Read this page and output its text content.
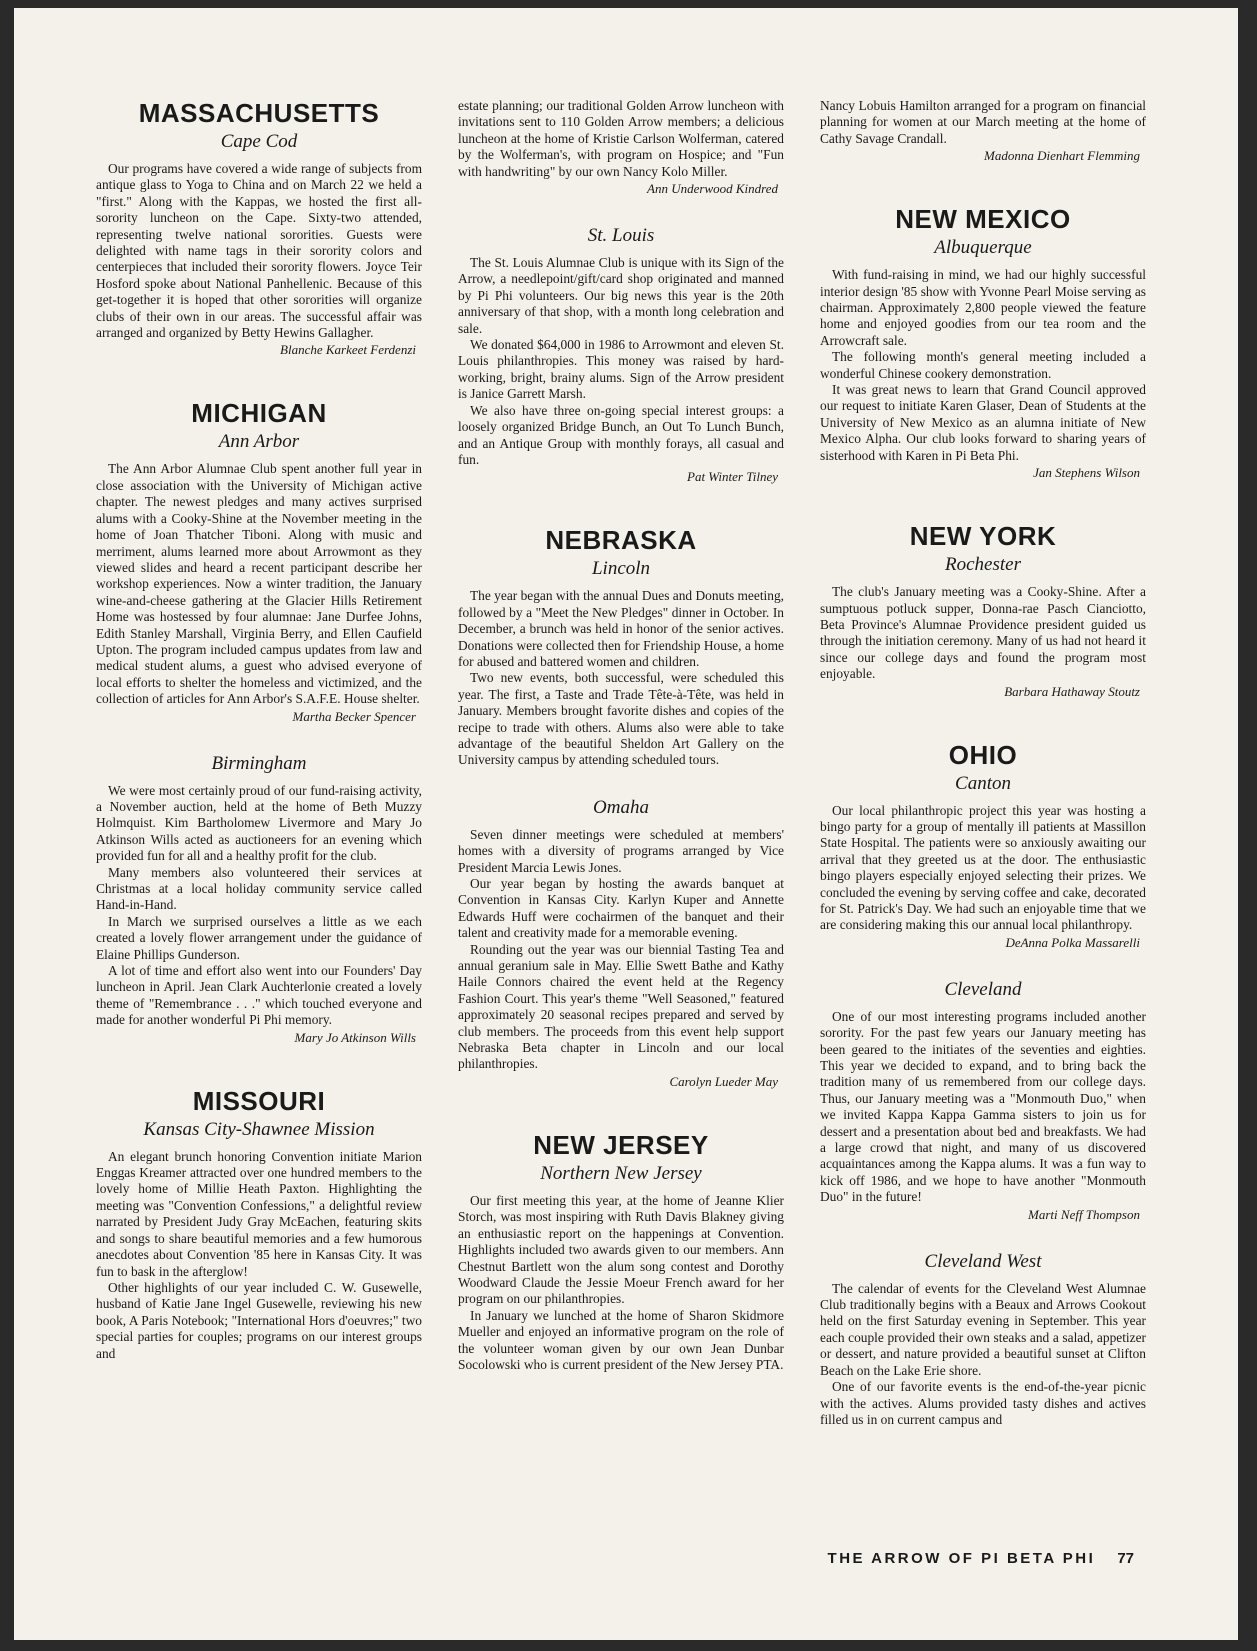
MASSACHUSETTS
Cape Cod

Our programs have covered a wide range of subjects from antique glass to Yoga to China and on March 22 we held a "first." Along with the Kappas, we hosted the first all-sorority luncheon on the Cape. Sixty-two attended, representing twelve national sororities. Guests were delighted with name tags in their sorority colors and centerpieces that included their sorority flowers. Joyce Teir Hosford spoke about National Panhellenic. Because of this get-together it is hoped that other sororities will organize clubs of their own in our areas. The successful affair was arranged and organized by Betty Hewins Gallagher.

Blanche Karkeet Ferdenzi
MICHIGAN
Ann Arbor

The Ann Arbor Alumnae Club spent another full year in close association with the University of Michigan active chapter. The newest pledges and many actives surprised alums with a Cooky-Shine at the November meeting in the home of Joan Thatcher Tiboni. Along with music and merriment, alums learned more about Arrowmont as they viewed slides and heard a recent participant describe her workshop experiences. Now a winter tradition, the January wine-and-cheese gathering at the Glacier Hills Retirement Home was hostessed by four alumnae: Jane Durfee Johns, Edith Stanley Marshall, Virginia Berry, and Ellen Caufield Upton. The program included campus updates from law and medical student alums, a guest who advised everyone of local efforts to shelter the homeless and victimized, and the collection of articles for Ann Arbor's S.A.F.E. House shelter.

Martha Becker Spencer
Birmingham

We were most certainly proud of our fund-raising activity, a November auction, held at the home of Beth Muzzy Holmquist. Kim Bartholomew Livermore and Mary Jo Atkinson Wills acted as auctioneers for an evening which provided fun for all and a healthy profit for the club.

Many members also volunteered their services at Christmas at a local holiday community service called Hand-in-Hand.

In March we surprised ourselves a little as we each created a lovely flower arrangement under the guidance of Elaine Phillips Gunderson.

A lot of time and effort also went into our Founders' Day luncheon in April. Jean Clark Auchterlonie created a lovely theme of "Remembrance . . ." which touched everyone and made for another wonderful Pi Phi memory.

Mary Jo Atkinson Wills
MISSOURI
Kansas City-Shawnee Mission

An elegant brunch honoring Convention initiate Marion Enggas Kreamer attracted over one hundred members to the lovely home of Millie Heath Paxton. Highlighting the meeting was "Convention Confessions," a delightful review narrated by President Judy Gray McEachen, featuring skits and songs to share beautiful memories and a few humorous anecdotes about Convention '85 here in Kansas City. It was fun to bask in the afterglow!

Other highlights of our year included C. W. Gusewelle, husband of Katie Jane Ingel Gusewelle, reviewing his new book, A Paris Notebook; "International Hors d'oeuvres;" two special parties for couples; programs on our interest groups and

estate planning; our traditional Golden Arrow luncheon with invitations sent to 110 Golden Arrow members; a delicious luncheon at the home of Kristie Carlson Wolferman, catered by the Wolferman's, with program on Hospice; and "Fun with handwriting" by our own Nancy Kolo Miller.

Ann Underwood Kindred
St. Louis

The St. Louis Alumnae Club is unique with its Sign of the Arrow, a needlepoint/gift/card shop originated and manned by Pi Phi volunteers. Our big news this year is the 20th anniversary of that shop, with a month long celebration and sale.

We donated $64,000 in 1986 to Arrowmont and eleven St. Louis philanthropies. This money was raised by hard-working, bright, brainy alums. Sign of the Arrow president is Janice Garrett Marsh.

We also have three on-going special interest groups: a loosely organized Bridge Bunch, an Out To Lunch Bunch, and an Antique Group with monthly forays, all casual and fun.

Pat Winter Tilney
NEBRASKA
Lincoln

The year began with the annual Dues and Donuts meeting, followed by a "Meet the New Pledges" dinner in October. In December, a brunch was held in honor of the senior actives. Donations were collected then for Friendship House, a home for abused and battered women and children.

Two new events, both successful, were scheduled this year. The first, a Taste and Trade Tête-à-Tête, was held in January. Members brought favorite dishes and copies of the recipe to trade with others. Alums also were able to take advantage of the beautiful Sheldon Art Gallery on the University campus by attending scheduled tours.

Omaha

Seven dinner meetings were scheduled at members' homes with a diversity of programs arranged by Vice President Marcia Lewis Jones.

Our year began by hosting the awards banquet at Convention in Kansas City. Karlyn Kuper and Annette Edwards Huff were cochairmen of the banquet and their talent and creativity made for a memorable evening.

Rounding out the year was our biennial Tasting Tea and annual geranium sale in May. Ellie Swett Bathe and Kathy Haile Connors chaired the event held at the Regency Fashion Court. This year's theme "Well Seasoned," featured approximately 20 seasonal recipes prepared and served by club members. The proceeds from this event help support Nebraska Beta chapter in Lincoln and our local philanthropies.

Carolyn Lueder May
NEW JERSEY
Northern New Jersey

Our first meeting this year, at the home of Jeanne Klier Storch, was most inspiring with Ruth Davis Blakney giving an enthusiastic report on the happenings at Convention. Highlights included two awards given to our members. Ann Chestnut Bartlett won the alum song contest and Dorothy Woodward Claude the Jessie Moeur French award for her program on our philanthropies.

In January we lunched at the home of Sharon Skidmore Mueller and enjoyed an informative program on the role of the volunteer woman given by our own Jean Dunbar Socolowski who is current president of the New Jersey PTA.

Nancy Lobuis Hamilton arranged for a program on financial planning for women at our March meeting at the home of Cathy Savage Crandall.

Madonna Dienhart Flemming
NEW MEXICO
Albuquerque

With fund-raising in mind, we had our highly successful interior design '85 show with Yvonne Pearl Moise serving as chairman. Approximately 2,800 people viewed the feature home and enjoyed goodies from our tea room and the Arrowcraft sale.

The following month's general meeting included a wonderful Chinese cookery demonstration.

It was great news to learn that Grand Council approved our request to initiate Karen Glaser, Dean of Students at the University of New Mexico as an alumna initiate of New Mexico Alpha. Our club looks forward to sharing years of sisterhood with Karen in Pi Beta Phi.

Jan Stephens Wilson
NEW YORK
Rochester

The club's January meeting was a Cooky-Shine. After a sumptuous potluck supper, Donna-rae Pasch Cianciotto, Beta Province's Alumnae Providence president guided us through the initiation ceremony. Many of us had not heard it since our college days and found the program most enjoyable.

Barbara Hathaway Stoutz
OHIO
Canton

Our local philanthropic project this year was hosting a bingo party for a group of mentally ill patients at Massillon State Hospital. The patients were so anxiously awaiting our arrival that they greeted us at the door. The enthusiastic bingo players especially enjoyed selecting their prizes. We concluded the evening by serving coffee and cake, decorated for St. Patrick's Day. We had such an enjoyable time that we are considering making this our annual local philanthropy.

DeAnna Polka Massarelli
Cleveland

One of our most interesting programs included another sorority. For the past few years our January meeting has been geared to the initiates of the seventies and eighties. This year we decided to expand, and to bring back the tradition many of us remembered from our college days. Thus, our January meeting was a "Monmouth Duo," when we invited Kappa Kappa Gamma sisters to join us for dessert and a presentation about bed and breakfasts. We had a large crowd that night, and many of us discovered acquaintances among the Kappa alums. It was a fun way to kick off 1986, and we hope to have another "Monmouth Duo" in the future!

Marti Neff Thompson
Cleveland West

The calendar of events for the Cleveland West Alumnae Club traditionally begins with a Beaux and Arrows Cookout held on the first Saturday evening in September. This year each couple provided their own steaks and a salad, appetizer or dessert, and nature provided a beautiful sunset at Clifton Beach on the Lake Erie shore.

One of our favorite events is the end-of-the-year picnic with the actives. Alums provided tasty dishes and actives filled us in on current campus and

THE ARROW OF PI BETA PHI 77
